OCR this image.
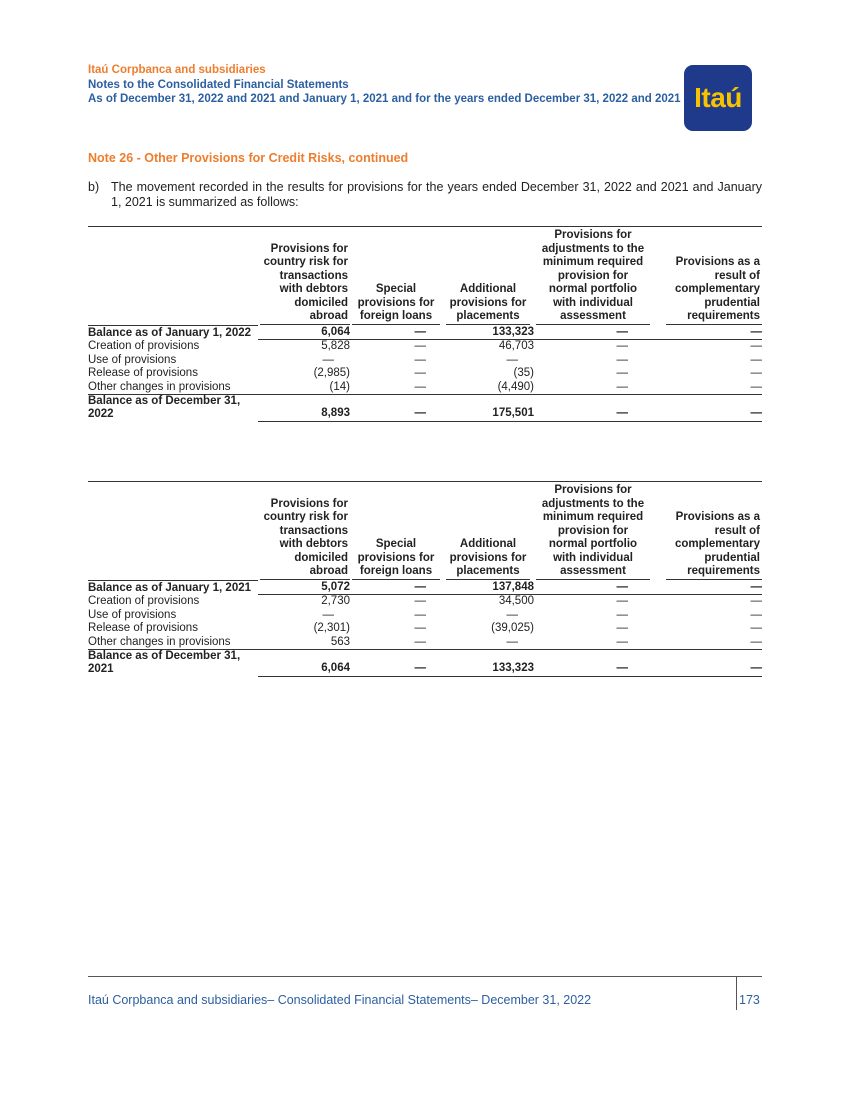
Itaú Corpbanca and subsidiaries
Notes to the Consolidated Financial Statements
As of December 31, 2022 and 2021 and January 1, 2021 and for the years ended December 31, 2022 and 2021 Itaú
Note 26 - Other Provisions for Credit Risks, continued
b) The movement recorded in the results for provisions for the years ended December 31, 2022 and 2021 and January 1, 2021 is summarized as follows:

	Provisions for country risk for transactions with debtors domiciled abroad	Special provisions for foreign loans	Additional provisions for placements	Provisions for adjustments to the minimum required provision for normal portfolio with individual assessment	Provisions as a result of complementary prudential requirements
Balance as of January 1, 2022	6,064	—	133,323	—	—
Creation of provisions	5,828	—	46,703	—	—
Use of provisions	—	—	—	—	—
Release of provisions	(2,985)	—	(35)	—	—
Other changes in provisions	(14)	—	(4,490)	—	—
Balance as of December 31, 2022	8,893	—	175,501	—	—

	Provisions for country risk for transactions with debtors domiciled abroad	Special provisions for foreign loans	Additional provisions for placements	Provisions for adjustments to the minimum required provision for normal portfolio with individual assessment	Provisions as a result of complementary prudential requirements
Balance as of January 1, 2021	5,072	—	137,848	—	—
Creation of provisions	2,730	—	34,500	—	—
Use of provisions	—	—	—	—	—
Release of provisions	(2,301)	—	(39,025)	—	—
Other changes in provisions	563	—	—	—	—
Balance as of December 31, 2021	6,064	—	133,323	—	—
Itaú Corpbanca and subsidiaries– Consolidated Financial Statements– December 31, 2022	173
